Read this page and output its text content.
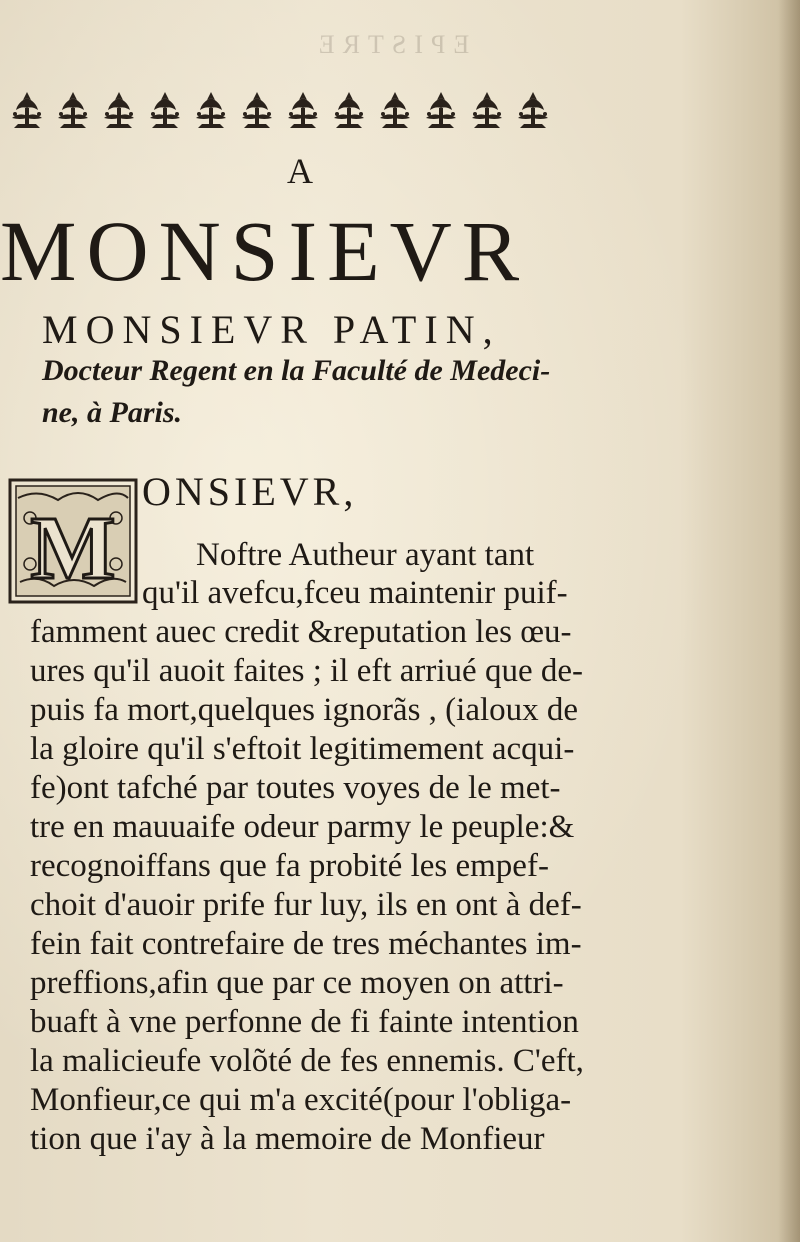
EPISTRE
A
MONSIEVR
MONSIEVR PATIN,
Docteur Regent en la Faculté de Medeci-
ne, à Paris.
M
ONSIEVR,
Noftre Autheur ayant tant
qu'il avefcu,fceu maintenir puif-
famment auec credit &reputation les œu-
ures qu'il auoit faites ; il eft arriué que de-
puis fa mort,quelques ignorãs , (ialoux de
la gloire qu'il s'eftoit legitimement acqui-
fe)ont tafché par toutes voyes de le met-
tre en mauuaife odeur parmy le peuple:&
recognoiffans que fa probité les empef-
choit d'auoir prife fur luy, ils en ont à def-
fein fait contrefaire de tres méchantes im-
preffions,afin que par ce moyen on attri-
buaft à vne perfonne de fi fainte intention
la malicieufe volõté de fes ennemis. C'eft,
Monfieur,ce qui m'a excité(pour l'obliga-
tion que i'ay à la memoire de Monfieur
